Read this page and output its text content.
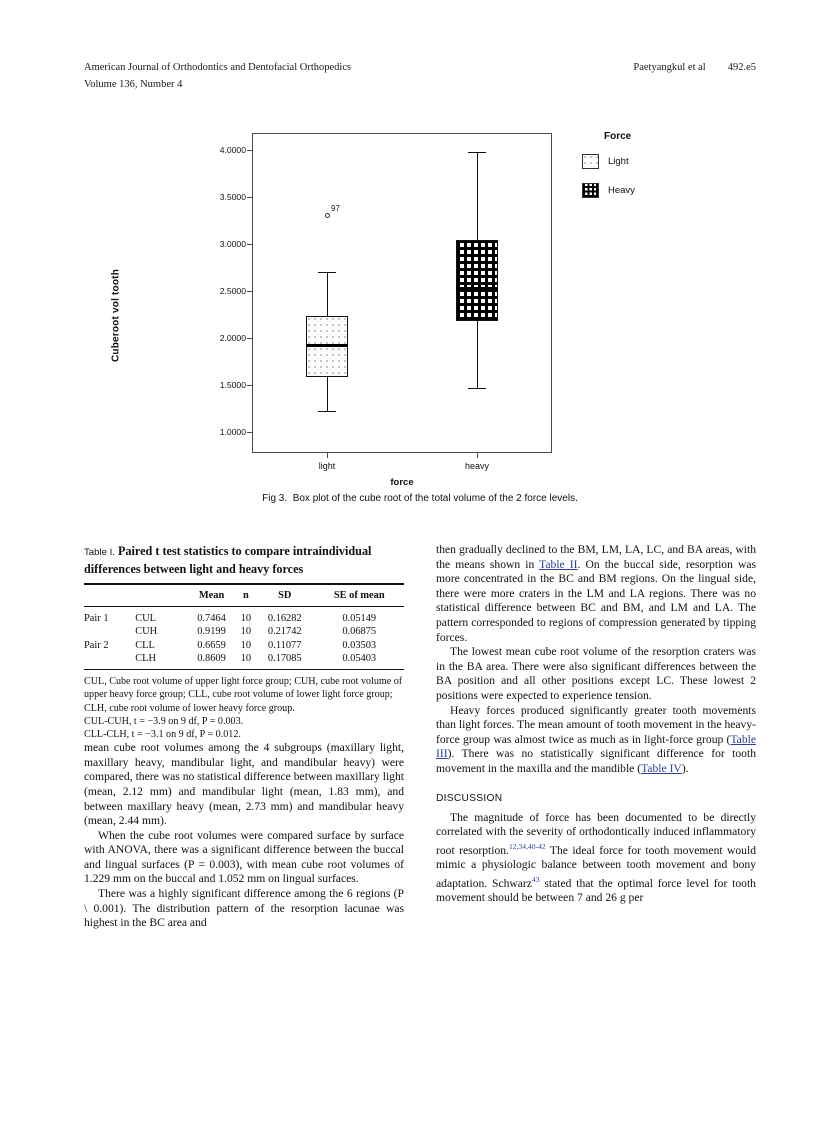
American Journal of Orthodontics and Dentofacial Orthopedics	Paetyangkul et al 492.e5
Volume 136, Number 4
Cuberoot vol tooth
4.0000
3.5000
3.0000
2.5000
2.0000
1.5000
1.0000
light	heavy
97
force
Force
Light
Heavy
Fig 3. Box plot of the cube root of the total volume of the 2 force levels.
Table I. Paired t test statistics to compare intraindividual differences between light and heavy forces
		Mean	n	SD	SE of mean
Pair 1	CUL	0.7464	10	0.16282	0.05149
	CUH	0.9199	10	0.21742	0.06875
Pair 2	CLL	0.6659	10	0.11077	0.03503
	CLH	0.8609	10	0.17085	0.05403
CUL, Cube root volume of upper light force group; CUH, cube root volume of upper heavy force group; CLL, cube root volume of lower light force group; CLH, cube root volume of lower heavy force group.
CUL-CUH, t = −3.9 on 9 df, P = 0.003.
CLL-CLH, t = −3.1 on 9 df, P = 0.012.

mean cube root volumes among the 4 subgroups (maxillary light, maxillary heavy, mandibular light, and mandibular heavy) were compared, there was no statistical difference between maxillary light (mean, 2.12 mm) and mandibular light (mean, 1.83 mm), and between maxillary heavy (mean, 2.73 mm) and mandibular heavy (mean, 2.44 mm).

When the cube root volumes were compared surface by surface with ANOVA, there was a significant difference between the buccal and lingual surfaces (P = 0.003), with mean cube root volumes of 1.229 mm on the buccal and 1.052 mm on lingual surfaces.

There was a highly significant difference among the 6 regions (P \ 0.001). The distribution pattern of the resorption lacunae was highest in the BC area and

then gradually declined to the BM, LM, LA, LC, and BA areas, with the means shown in Table II. On the buccal side, resorption was more concentrated in the BC and BM regions. On the lingual side, there were more craters in the LM and LA regions. There was no statistical difference between BC and BM, and LM and LA. The pattern corresponded to regions of compression generated by tipping forces.

The lowest mean cube root volume of the resorption craters was in the BA area. There were also significant differences between the BA position and all other positions except LC. These lowest 2 positions were expected to experience tension.

Heavy forces produced significantly greater tooth movements than light forces. The mean amount of tooth movement in the heavy-force group was almost twice as much as in light-force group (Table III). There was no statistically significant difference for tooth movement in the maxilla and the mandible (Table IV).

DISCUSSION

The magnitude of force has been documented to be directly correlated with the severity of orthodontically induced inflammatory root resorption.$^{12,34,40-42}$ The ideal force for tooth movement would mimic a physiologic balance between tooth movement and bony adaptation. Schwarz$^{43}$ stated that the optimal force level for tooth movement should be between 7 and 26 g per
